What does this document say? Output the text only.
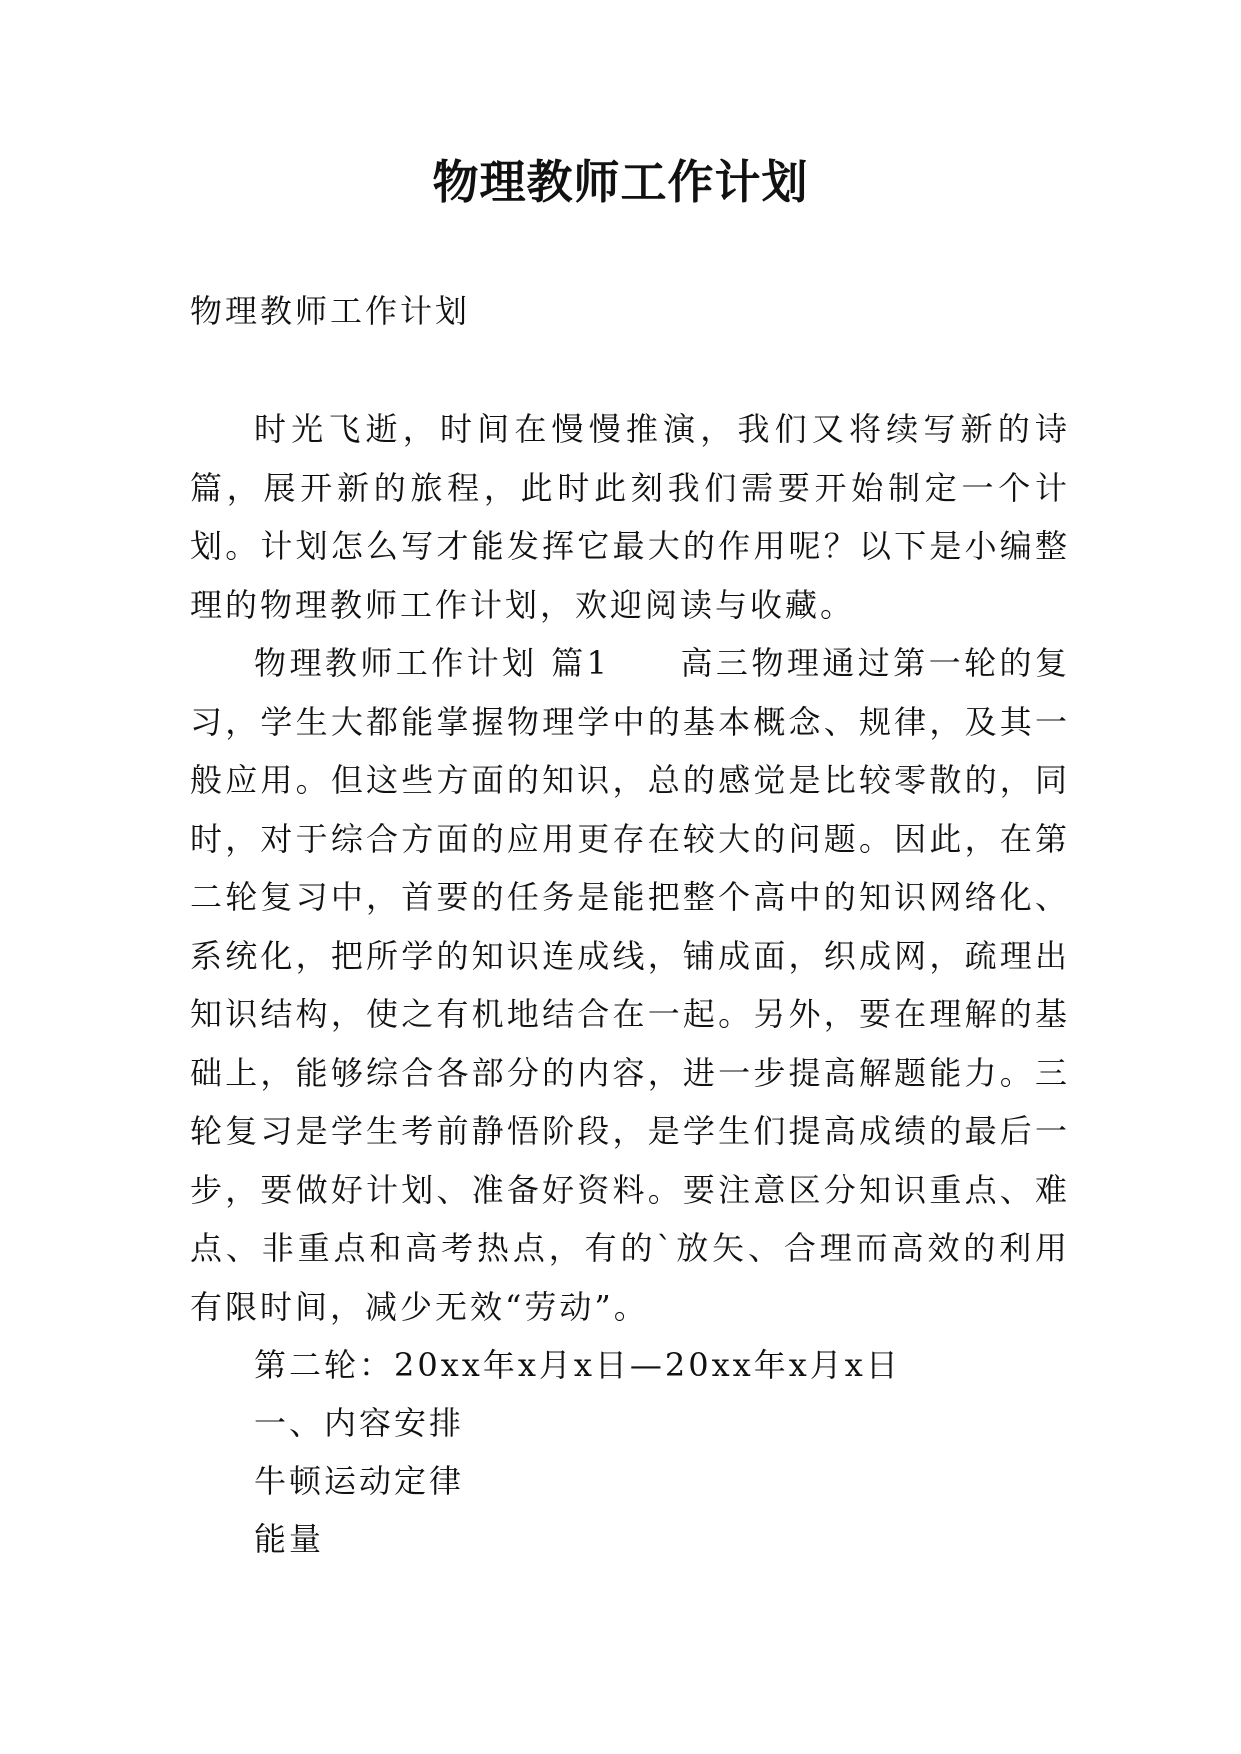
物理教师工作计划
物理教师工作计划

时光飞逝，时间在慢慢推演，我们又将续写新的诗篇，展开新的旅程，此时此刻我们需要开始制定一个计划。计划怎么写才能发挥它最大的作用呢？以下是小编整理的物理教师工作计划，欢迎阅读与收藏。

物理教师工作计划 篇1 高三物理通过第一轮的复习，学生大都能掌握物理学中的基本概念、规律，及其一般应用。但这些方面的知识，总的感觉是比较零散的，同时，对于综合方面的应用更存在较大的问题。因此，在第二轮复习中，首要的任务是能把整个高中的知识网络化、系统化，把所学的知识连成线，铺成面，织成网，疏理出知识结构，使之有机地结合在一起。另外，要在理解的基础上，能够综合各部分的内容，进一步提高解题能力。三轮复习是学生考前静悟阶段，是学生们提高成绩的最后一步，要做好计划、准备好资料。要注意区分知识重点、难点、非重点和高考热点，有的`放矢、合理而高效的利用有限时间，减少无效“劳动”。

第二轮：20xx年x月x日—20xx年x月x日
一、内容安排
牛顿运动定律
能量
